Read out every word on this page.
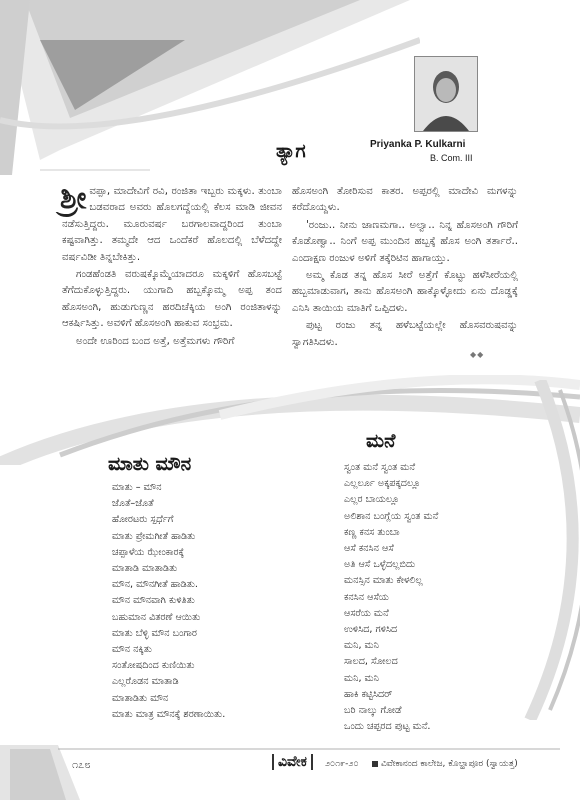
Priyanka P. Kulkarni
B. Com. III
ತ್ಯಾಗ

ಶ್ರೀ ವಪ್ಪಾ, ಮಾದೇವಿಗೆ ರವಿ, ರಂಜಿತಾ ಇಬ್ಬರು ಮಕ್ಕಳು. ತುಂಬಾ ಬಡವರಾದ ಅವರು ಹೊಲಗದ್ದೆಯಲ್ಲಿ ಕೆಲಸ ಮಾಡಿ ಜೀವನ ನಡೆಸುತ್ತಿದ್ದರು. ಮೂರುವರ್ಷ ಬರಗಾಲವಾದ್ದರಿಂದ ತುಂಬಾ ಕಷ್ಟವಾಗಿತ್ತು. ತಮ್ಮದೇ ಆದ ಒಂದೆಕರೆ ಹೊಲದಲ್ಲಿ ಬೆಳೆದದ್ದೇ ವರ್ಷವಿಡೀ ತಿನ್ನಬೇಕಿತ್ತು.

ಗಂಡಹೆಂಡತಿ ವರುಷಕ್ಕೊಮ್ಮೆಯಾದರೂ ಮಕ್ಕಳಿಗೆ ಹೊಸಬಟ್ಟೆ ತೆಗೆದುಕೊಳ್ಳುತ್ತಿದ್ದರು. ಯುಗಾದಿ ಹಬ್ಬಕ್ಕೊಮ್ಮ ಅಪ್ಪ ತಂದ ಹೊಸಅಂಗಿ, ಹುಡುಗುಣ್ಣನ ಹರದಿಚೆಕ್ಕಿಯ ಅಂಗಿ ರಂಜಿತಾಳನ್ನು ಆಕರ್ಷಿಸಿತ್ತು. ಅವಳಿಗೆ ಹೊಸಅಂಗಿ ಹಾಕುವ ಸಂಭ್ರಮ.

ಅಂದೇ ಊರಿಂದ ಬಂದ ಅತ್ತೆ, ಅತ್ತೆಮಗಳು ಗೌರಿಗೆ

ಹೊಸಅಂಗಿ ತೋರಿಸುವ ಕಾತರ. ಅಪ್ಪರಲ್ಲಿ ಮಾದೇವಿ ಮಗಳನ್ನು ಕರೆದೊಯ್ದಳು.

'ರಂಜು.. ನೀನು ಜಾಣಮಗಾ.. ಅಲ್ವಾ.. ನಿನ್ನ ಹೊಸಅಂಗಿ ಗೌರಿಗೆ ಕೊಡೊಣ್ವಾ.. ನಿಂಗೆ ಅಪ್ಪ ಮುಂದಿನ ಹಬ್ಬಕ್ಕೆ ಹೊಸ ಅಂಗಿ ತರ್ತಾರೆ.. ಎಂದಾಕ್ಷಣ ರಂಜುಳ ಅಳಿಗೆ ತಕ್ಕೆರಿಟಿನ ಹಾಗಾಯ್ತು.

ಅಮ್ಮ ಕೊಡ ತನ್ನ ಹೊಸ ಸೀರೆ ಅತ್ತೆಗೆ ಕೊಟ್ಟು ಹಳೆಸೀರೆಯಲ್ಲಿ ಹಬ್ಬಮಾಡುವಾಗ, ತಾನು ಹೊಸಅಂಗಿ ಹಾಕ್ಕೊಳ್ಳೋದು ಏನು ದೊಡ್ಡಕ್ಕೆ ಎನಿಸಿ ತಾಯಿಯ ಮಾತಿಗೆ ಒಪ್ಪಿದಳು.

ಪುಟ್ಟ ರಂಜು ತನ್ನ ಹಳೆಬಟ್ಟೆಯಲ್ಲೇ ಹೊಸವರುಷವನ್ನು ಸ್ವಾಗತಿಸಿದಳು.

◆◆
ಮಾತು ಮೌನ
ಮಾತು – ಮೌನ
ಜೊತೆ–ಜೊತೆ
ಹೋರಟರು ಸ್ಪರ್ಧೆಗೆ
ಮಾತು ಪ್ರೇಮಗೀತೆ ಹಾಡಿತು
ಚಪ್ಪಾಳೆಯ ಝೇಂಕಾರಕ್ಕೆ
ಮಾತಾಡಿ ಮಾತಾಡಿತು
ಮೌನ, ಮೌನಗೀತೆ ಹಾಡಿತು.
ಮೌನ ಮೌನವಾಗಿ ಕುಳಿತಿತು
ಬಹುಮಾನ ವಿತರಣೆ ಆಯಿತು
ಮಾತು ಬೆಳ್ಳಿ ಮೌನ ಬಂಗಾರ
ಮೌನ ನಕ್ಕಿತು
ಸಂತೋಷದಿಂದ ಕುಣಿಯಿತು
ಎಲ್ಲರೊಡನ ಮಾತಾಡಿ
ಮಾತಾಡಿತು ಮೌನ
ಮಾತು ಮಾತ್ರ ಮೌನಕ್ಕೆ ಶರಣಾಯಿತು.
ಮನೆ
ಸ್ವಂತ ಮನೆ ಸ್ವಂತ ಮನೆ
ಎಲ್ಲರ್ಲೂ ಅಕ್ಕಪಕ್ಕದಲ್ಲೂ
ಎಲ್ಲರ ಬಾಯಲ್ಲೂ
ಅಲಿಶಾನ ಬಂಗ್ಲೆಯ ಸ್ವಂತ ಮನೆ
ಕಣ್ಣ ಕನಸ ತುಂಬಾ
ಆಸೆ ಕನಸಿನ ಆಸೆ
ಅತಿ ಆಸೆ ಒಳ್ಳೆದಲ್ಲಬಿದು
ಮನಸ್ಸಿನ ಮಾತು ಕೇಳಲಿಲ್ಲ
ಕನಸಿನ ಆಸೆಯ
ಆಸರೆಯ ಮನೆ
ಉಳಿಸಿದ, ಗಳಿಸಿದ
ಮನಿ, ಮನಿ
ಸಾಲದ, ಸೋಲದ
ಮನಿ, ಮನಿ
ಹಾಕಿ ಕಟ್ಟಿಸಿದರ್
ಬರಿ ನಾಲ್ಕು ಗೋಡೆ
ಒಂದು ಚಪ್ಪರದ ಪುಟ್ಟ ಮನೆ.
೧೭೮	ವಿವೇಕ	೨೦೧೯-೨೦	ವಿವೇಕಾನಂದ ಕಾಲೇಜ, ಕೊಲ್ಹಾಪೂರ (ಸ್ವಾಯತ್ತ)
